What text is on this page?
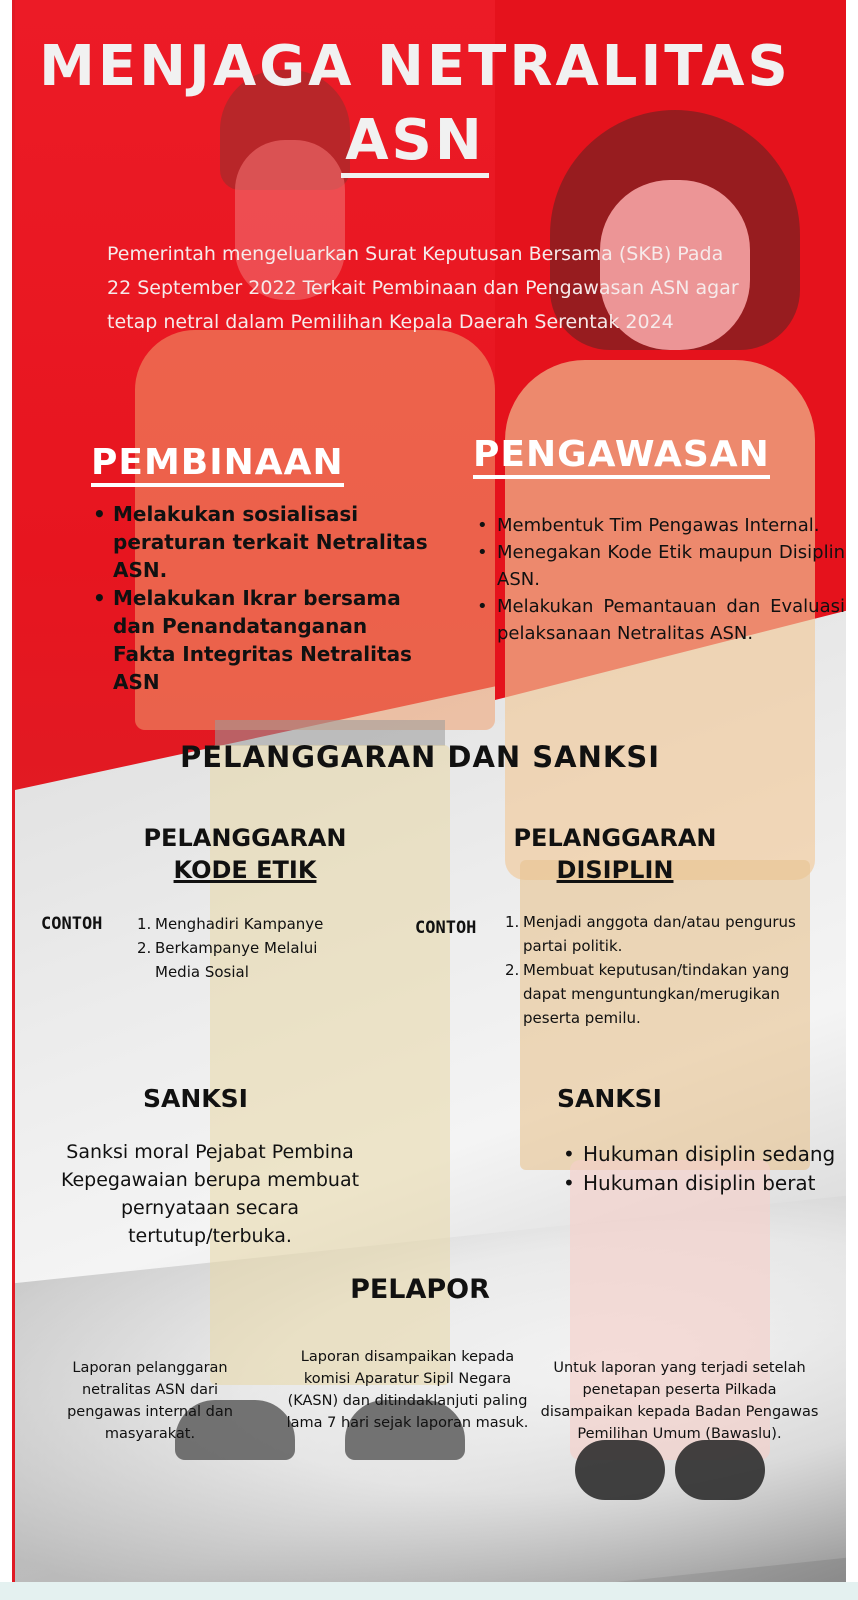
MENJAGA NETRALITAS
ASN

Pemerintah mengeluarkan Surat Keputusan Bersama (SKB) Pada 22 September 2022 Terkait Pembinaan dan Pengawasan ASN agar tetap netral dalam Pemilihan Kepala Daerah Serentak 2024

PEMBINAAN
• Melakukan sosialisasi peraturan terkait Netralitas ASN.
• Melakukan Ikrar bersama dan Penandatanganan Fakta Integritas Netralitas ASN
PENGAWASAN
• Membentuk Tim Pengawas Internal.
• Menegakan Kode Etik maupun Disiplin ASN.
• Melakukan Pemantauan dan Evaluasi pelaksanaan Netralitas ASN.
PELANGGARAN DAN SANKSI
PELANGGARAN
KODE ETIK
PELANGGARAN
DISIPLIN
CONTOH 1. Menghadiri Kampanye
2. Berkampanye Melalui Media Sosial
CONTOH 1. Menjadi anggota dan/atau pengurus partai politik.
2. Membuat keputusan/tindakan yang dapat menguntungkan/merugikan peserta pemilu.
SANKSI	SANKSI

Sanksi moral Pejabat Pembina Kepegawaian berupa membuat pernyataan secara tertutup/terbuka.

• Hukuman disiplin sedang
• Hukuman disiplin berat
PELAPOR

Laporan pelanggaran netralitas ASN dari pengawas internal dan masyarakat.

Laporan disampaikan kepada komisi Aparatur Sipil Negara (KASN) dan ditindaklanjuti paling lama 7 hari sejak laporan masuk.

Untuk laporan yang terjadi setelah penetapan peserta Pilkada disampaikan kepada Badan Pengawas Pemilihan Umum (Bawaslu).
